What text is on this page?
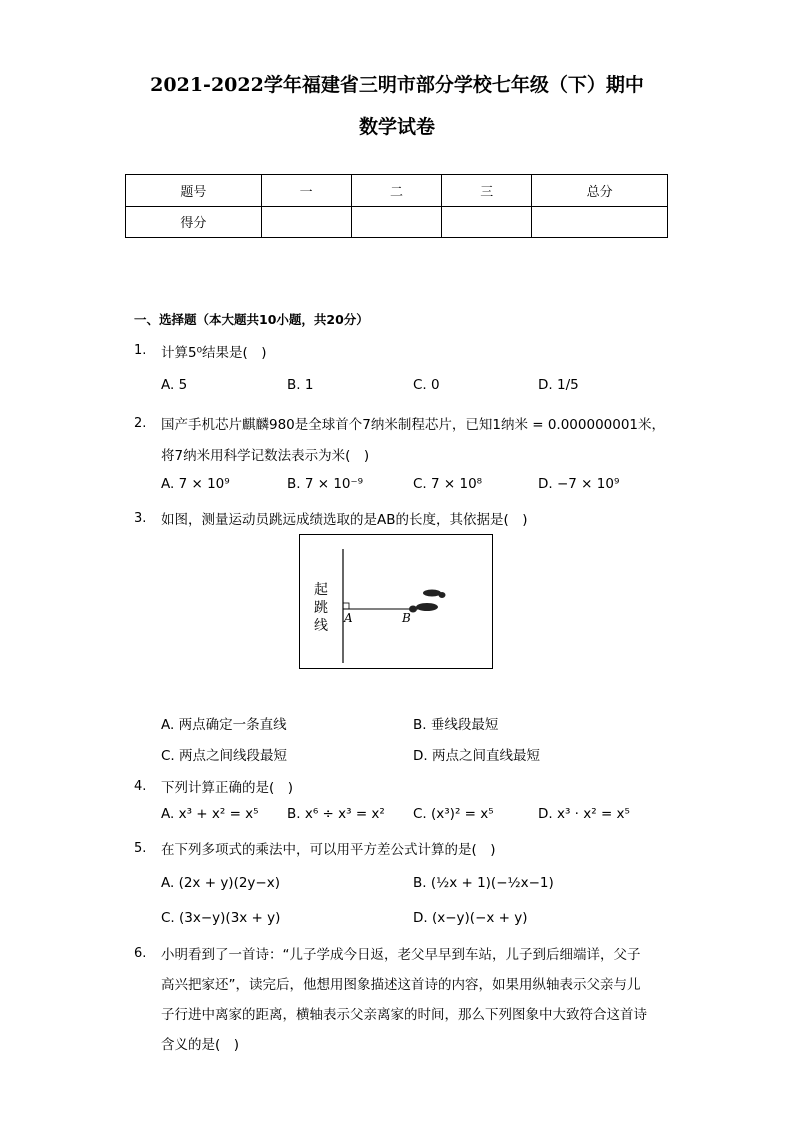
2021-2022学年福建省三明市部分学校七年级（下）期中
数学试卷
题号	一	二	三	总分
得分				
一、选择题（本大题共10小题，共20分）
1. 计算5⁰结果是(　)
A. 5	B. 1	C. 0	D. 1/5
2. 国产手机芯片麒麟980是全球首个7纳米制程芯片，已知1纳米 = 0.000000001米，
将7纳米用科学记数法表示为米(　)
A. 7 × 10⁹	B. 7 × 10⁻⁹	C. 7 × 10⁸	D. −7 × 10⁹
3. 如图，测量运动员跳远成绩选取的是AB的长度，其依据是(　)
起
跳
线 A	B
A. 两点确定一条直线	B. 垂线段最短
C. 两点之间线段最短	D. 两点之间直线最短
4. 下列计算正确的是(　)
A. x³ + x² = x⁵ B. x⁶ ÷ x³ = x² C. (x³)² = x⁵	D. x³ · x² = x⁵
5. 在下列多项式的乘法中，可以用平方差公式计算的是(　)
A. (2x + y)(2y−x)	B. (½x + 1)(−½x−1)
C. (3x−y)(3x + y)	D. (x−y)(−x + y)
6. 小明看到了一首诗：“儿子学成今日返，老父早早到车站，儿子到后细端详，父子
高兴把家还”，读完后，他想用图象描述这首诗的内容，如果用纵轴表示父亲与儿
子行进中离家的距离，横轴表示父亲离家的时间，那么下列图象中大致符合这首诗
含义的是(　)
